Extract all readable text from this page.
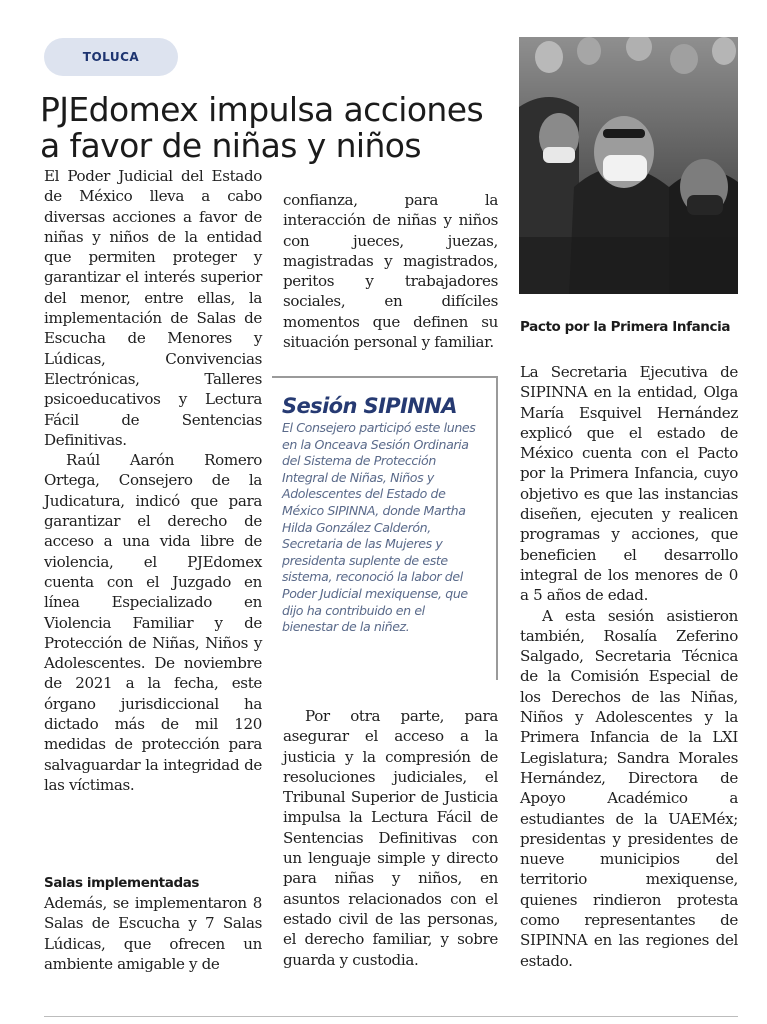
TOLUCA
PJEdomex impulsa acciones
a favor de niñas y niños

El Poder Judicial del Estado de México lleva a cabo diversas acciones a favor de niñas y niños de la entidad que permiten proteger y garantizar el interés superior del menor, entre ellas, la implementación de Salas de Escucha de Menores y Lúdicas, Convivencias Electrónicas, Talleres psicoeducativos y Lectura Fácil de Sentencias Definitivas.

Raúl Aarón Romero Ortega, Consejero de la Judicatura, indicó que para garantizar el derecho de acceso a una vida libre de violencia, el PJEdomex cuenta con el Juzgado en línea Especializado en Violencia Familiar y de Protección de Niñas, Niños y Adolescentes. De noviembre de 2021 a la fecha, este órgano jurisdiccional ha dictado más de mil 120 medidas de protección para salvaguardar la integridad de las víctimas.

Salas implementadas

Además, se implementaron 8 Salas de Escucha y 7 Salas Lúdicas, que ofrecen un ambiente amigable y de

confianza, para la interacción de niñas y niños con jueces, juezas, magistradas y magistrados, peritos y trabajadores sociales, en difíciles momentos que definen su situación personal y familiar.

Sesión SIPINNA

El Consejero participó este lunes en la Onceava Sesión Ordinaria del Sistema de Protección Integral de Niñas, Niños y Adolescentes del Estado de México SIPINNA, donde Martha Hilda González Calderón, Secretaria de las Mujeres y presidenta suplente de este sistema, reconoció la labor del Poder Judicial mexiquense, que dijo ha contribuido en el bienestar de la niñez.

Por otra parte, para asegurar el acceso a la justicia y la compresión de resoluciones judiciales, el Tribunal Superior de Justicia impulsa la Lectura Fácil de Sentencias Definitivas con un lenguaje simple y directo para niñas y niños, en asuntos relacionados con el estado civil de las personas, el derecho familiar, y sobre guarda y custodia.

Pacto por la Primera Infancia

La Secretaria Ejecutiva de SIPINNA en la entidad, Olga María Esquivel Hernández explicó que el estado de México cuenta con el Pacto por la Primera Infancia, cuyo objetivo es que las instancias diseñen, ejecuten y realicen programas y acciones, que beneficien el desarrollo integral de los menores de 0 a 5 años de edad.

A esta sesión asistieron también, Rosalía Zeferino Salgado, Secretaria Técnica de la Comisión Especial de los Derechos de las Niñas, Niños y Adolescentes y la Primera Infancia de la LXI Legislatura; Sandra Morales Hernández, Directora de Apoyo Académico a estudiantes de la UAEMéx; presidentas y presidentes de nueve municipios del territorio mexiquense, quienes rindieron protesta como representantes de SIPINNA en las regiones del estado.
